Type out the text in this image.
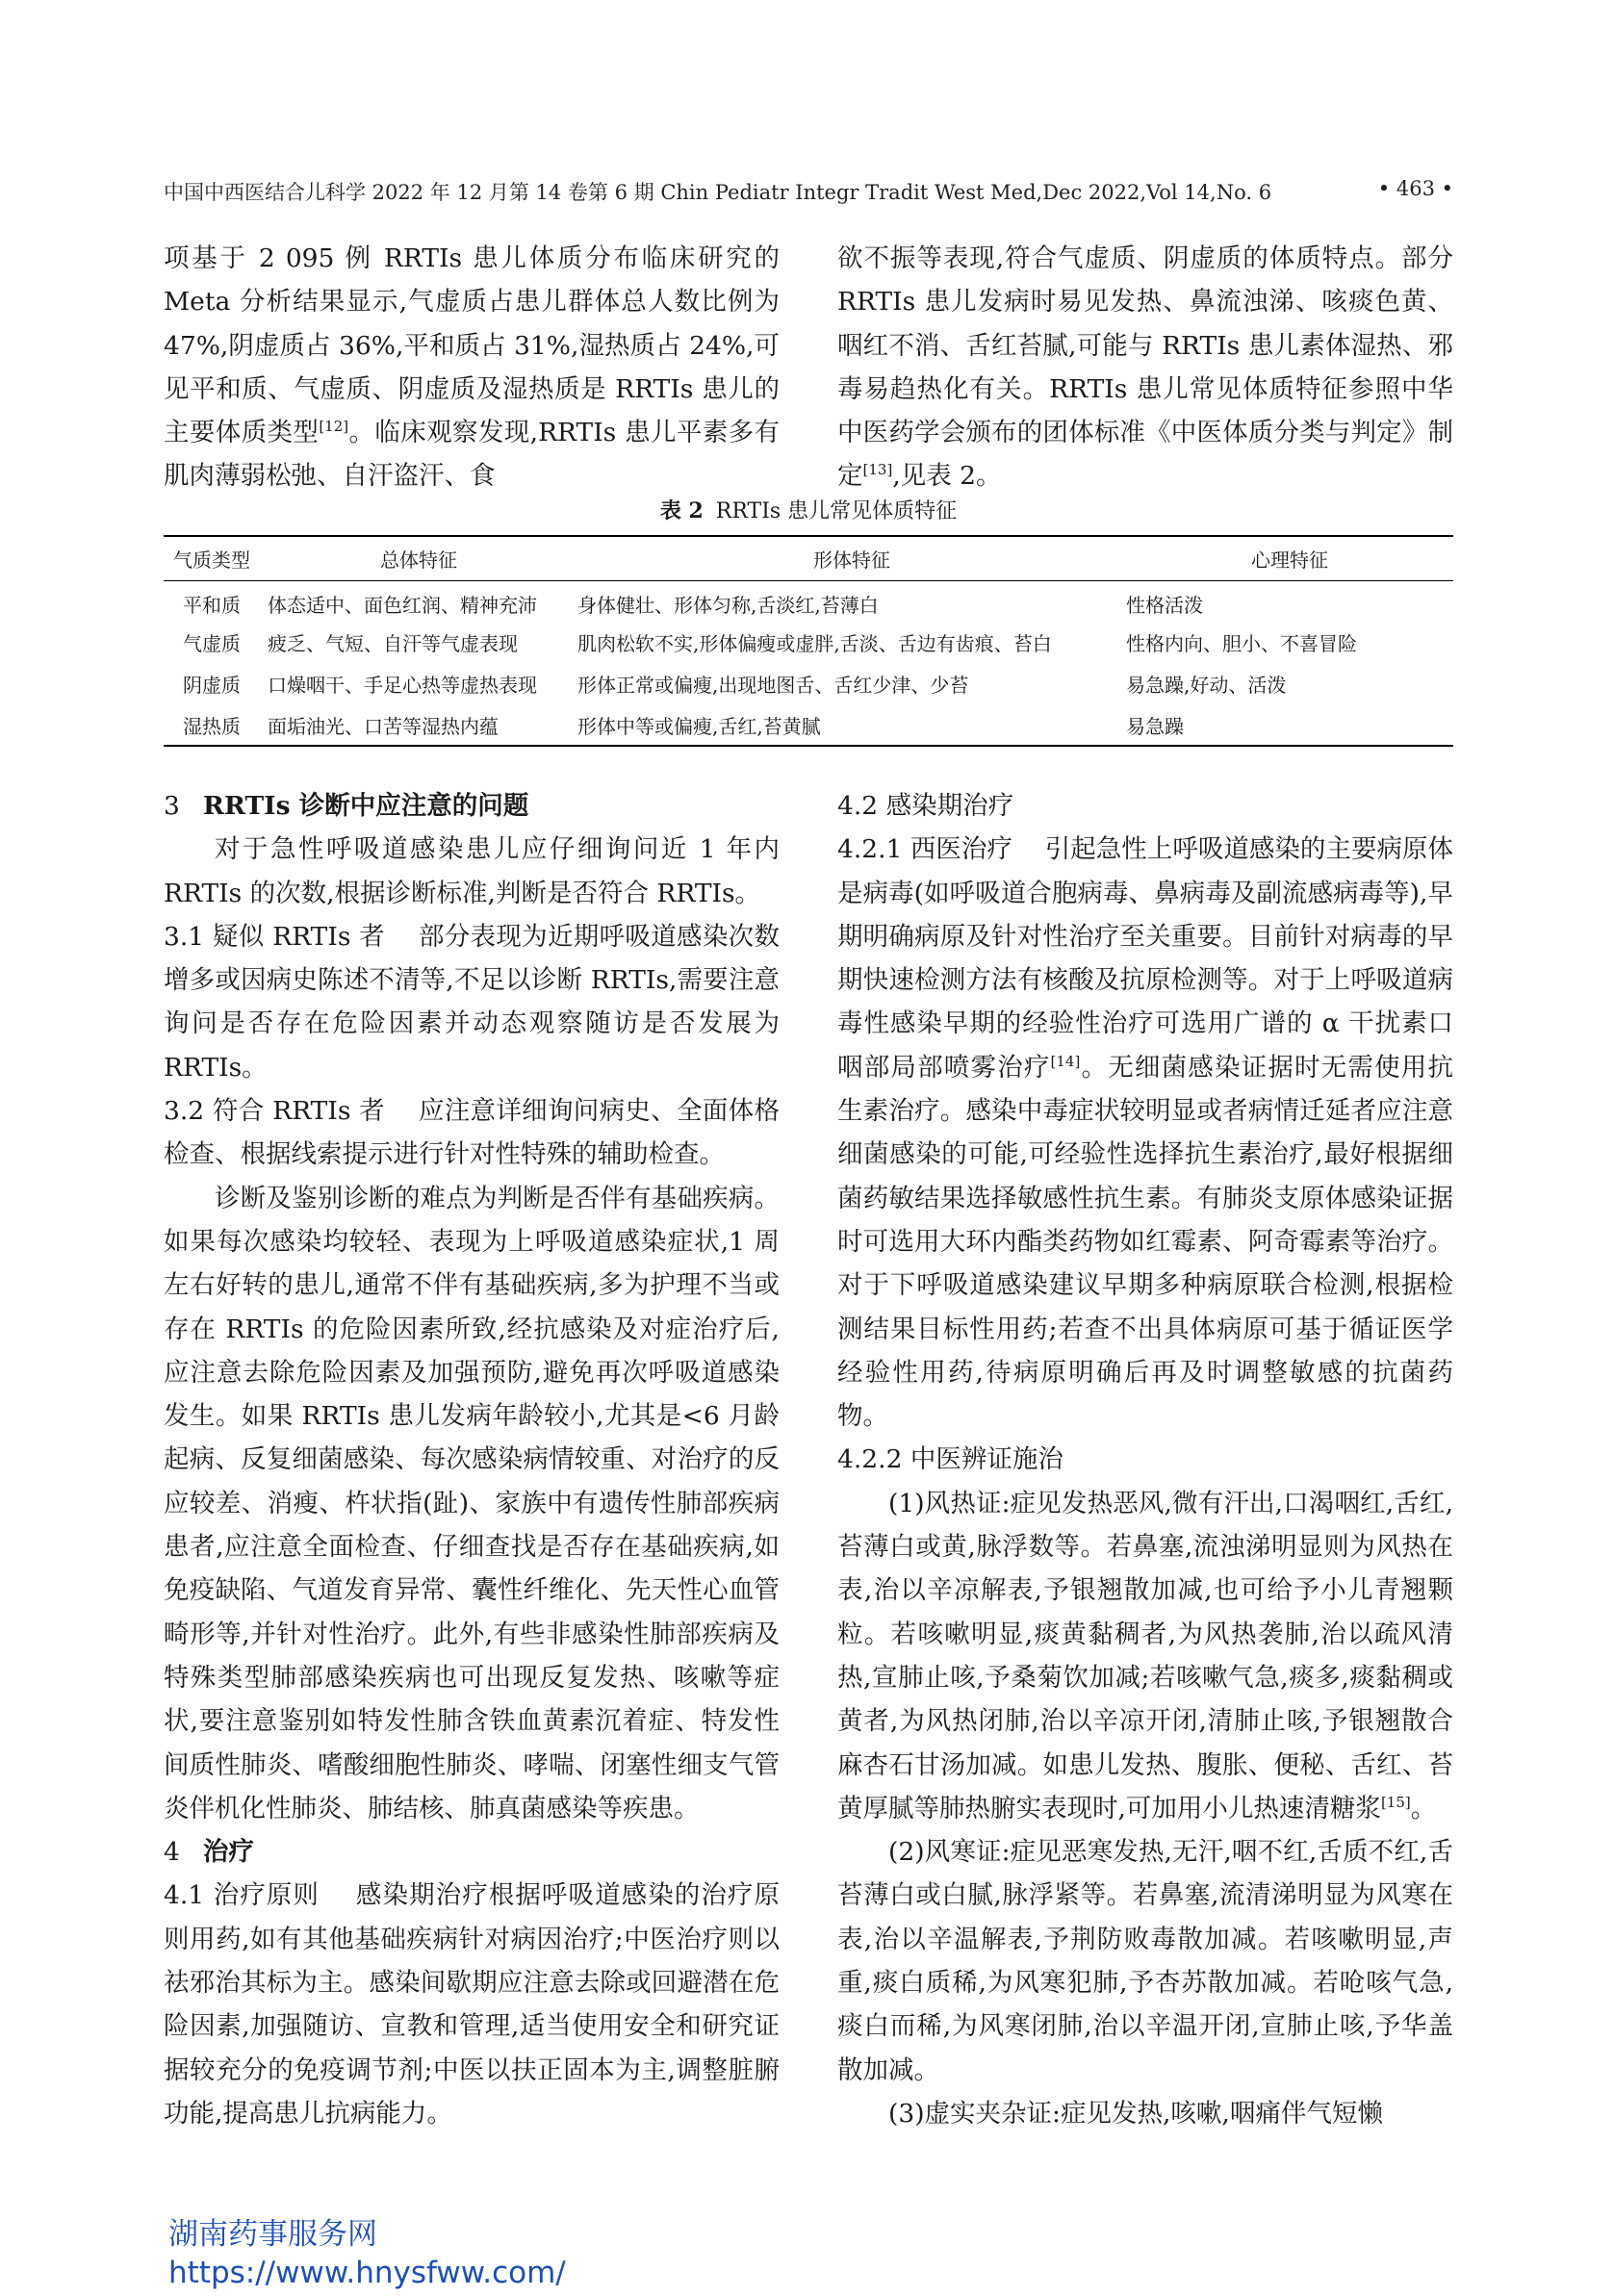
中国中西医结合儿科学 2022 年 12 月第 14 卷第 6 期 Chin Pediatr Integr Tradit West Med,Dec 2022,Vol 14,No. 6	• 463 •

项基于 2 095 例 RRTIs 患儿体质分布临床研究的 Meta 分析结果显示,气虚质占患儿群体总人数比例为 47%,阴虚质占 36%,平和质占 31%,湿热质占 24%,可见平和质、气虚质、阴虚质及湿热质是 RRTIs 患儿的主要体质类型[12]。临床观察发现,RRTIs 患儿平素多有肌肉薄弱松弛、自汗盗汗、食

欲不振等表现,符合气虚质、阴虚质的体质特点。部分 RRTIs 患儿发病时易见发热、鼻流浊涕、咳痰色黄、咽红不消、舌红苔腻,可能与 RRTIs 患儿素体湿热、邪毒易趋热化有关。RRTIs 患儿常见体质特征参照中华中医药学会颁布的团体标准《中医体质分类与判定》制定[13],见表 2。

表 2 RRTIs 患儿常见体质特征
气质类型	总体特征	形体特征	心理特征
平和质	体态适中、面色红润、精神充沛	身体健壮、形体匀称,舌淡红,苔薄白	性格活泼
气虚质	疲乏、气短、自汗等气虚表现	肌肉松软不实,形体偏瘦或虚胖,舌淡、舌边有齿痕、苔白	性格内向、胆小、不喜冒险
阴虚质	口燥咽干、手足心热等虚热表现	形体正常或偏瘦,出现地图舌、舌红少津、少苔	易急躁,好动、活泼
湿热质	面垢油光、口苦等湿热内蕴	形体中等或偏瘦,舌红,苔黄腻	易急躁
3 RRTIs 诊断中应注意的问题

对于急性呼吸道感染患儿应仔细询问近 1 年内 RRTIs 的次数,根据诊断标准,判断是否符合 RRTIs。

3.1 疑似 RRTIs 者 部分表现为近期呼吸道感染次数增多或因病史陈述不清等,不足以诊断 RRTIs,需要注意询问是否存在危险因素并动态观察随访是否发展为 RRTIs。

3.2 符合 RRTIs 者 应注意详细询问病史、全面体格检查、根据线索提示进行针对性特殊的辅助检查。

诊断及鉴别诊断的难点为判断是否伴有基础疾病。如果每次感染均较轻、表现为上呼吸道感染症状,1 周左右好转的患儿,通常不伴有基础疾病,多为护理不当或存在 RRTIs 的危险因素所致,经抗感染及对症治疗后,应注意去除危险因素及加强预防,避免再次呼吸道感染发生。如果 RRTIs 患儿发病年龄较小,尤其是<6 月龄起病、反复细菌感染、每次感染病情较重、对治疗的反应较差、消瘦、杵状指(趾)、家族中有遗传性肺部疾病患者,应注意全面检查、仔细查找是否存在基础疾病,如免疫缺陷、气道发育异常、囊性纤维化、先天性心血管畸形等,并针对性治疗。此外,有些非感染性肺部疾病及特殊类型肺部感染疾病也可出现反复发热、咳嗽等症状,要注意鉴别如特发性肺含铁血黄素沉着症、特发性间质性肺炎、嗜酸细胞性肺炎、哮喘、闭塞性细支气管炎伴机化性肺炎、肺结核、肺真菌感染等疾患。

4 治疗

4.1 治疗原则 感染期治疗根据呼吸道感染的治疗原则用药,如有其他基础疾病针对病因治疗;中医治疗则以祛邪治其标为主。感染间歇期应注意去除或回避潜在危险因素,加强随访、宣教和管理,适当使用安全和研究证据较充分的免疫调节剂;中医以扶正固本为主,调整脏腑功能,提高患儿抗病能力。

4.2 感染期治疗

4.2.1 西医治疗 引起急性上呼吸道感染的主要病原体是病毒(如呼吸道合胞病毒、鼻病毒及副流感病毒等),早期明确病原及针对性治疗至关重要。目前针对病毒的早期快速检测方法有核酸及抗原检测等。对于上呼吸道病毒性感染早期的经验性治疗可选用广谱的 α 干扰素口咽部局部喷雾治疗[14]。无细菌感染证据时无需使用抗生素治疗。感染中毒症状较明显或者病情迁延者应注意细菌感染的可能,可经验性选择抗生素治疗,最好根据细菌药敏结果选择敏感性抗生素。有肺炎支原体感染证据时可选用大环内酯类药物如红霉素、阿奇霉素等治疗。对于下呼吸道感染建议早期多种病原联合检测,根据检测结果目标性用药;若查不出具体病原可基于循证医学经验性用药,待病原明确后再及时调整敏感的抗菌药物。

4.2.2 中医辨证施治

(1)风热证:症见发热恶风,微有汗出,口渴咽红,舌红,苔薄白或黄,脉浮数等。若鼻塞,流浊涕明显则为风热在表,治以辛凉解表,予银翘散加减,也可给予小儿青翘颗粒。若咳嗽明显,痰黄黏稠者,为风热袭肺,治以疏风清热,宣肺止咳,予桑菊饮加减;若咳嗽气急,痰多,痰黏稠或黄者,为风热闭肺,治以辛凉开闭,清肺止咳,予银翘散合麻杏石甘汤加减。如患儿发热、腹胀、便秘、舌红、苔黄厚腻等肺热腑实表现时,可加用小儿热速清糖浆[15]。

(2)风寒证:症见恶寒发热,无汗,咽不红,舌质不红,舌苔薄白或白腻,脉浮紧等。若鼻塞,流清涕明显为风寒在表,治以辛温解表,予荆防败毒散加减。若咳嗽明显,声重,痰白质稀,为风寒犯肺,予杏苏散加减。若呛咳气急,痰白而稀,为风寒闭肺,治以辛温开闭,宣肺止咳,予华盖散加减。

(3)虚实夹杂证:症见发热,咳嗽,咽痛伴气短懒

湖南药事服务网
https://www.hnysfww.com/
